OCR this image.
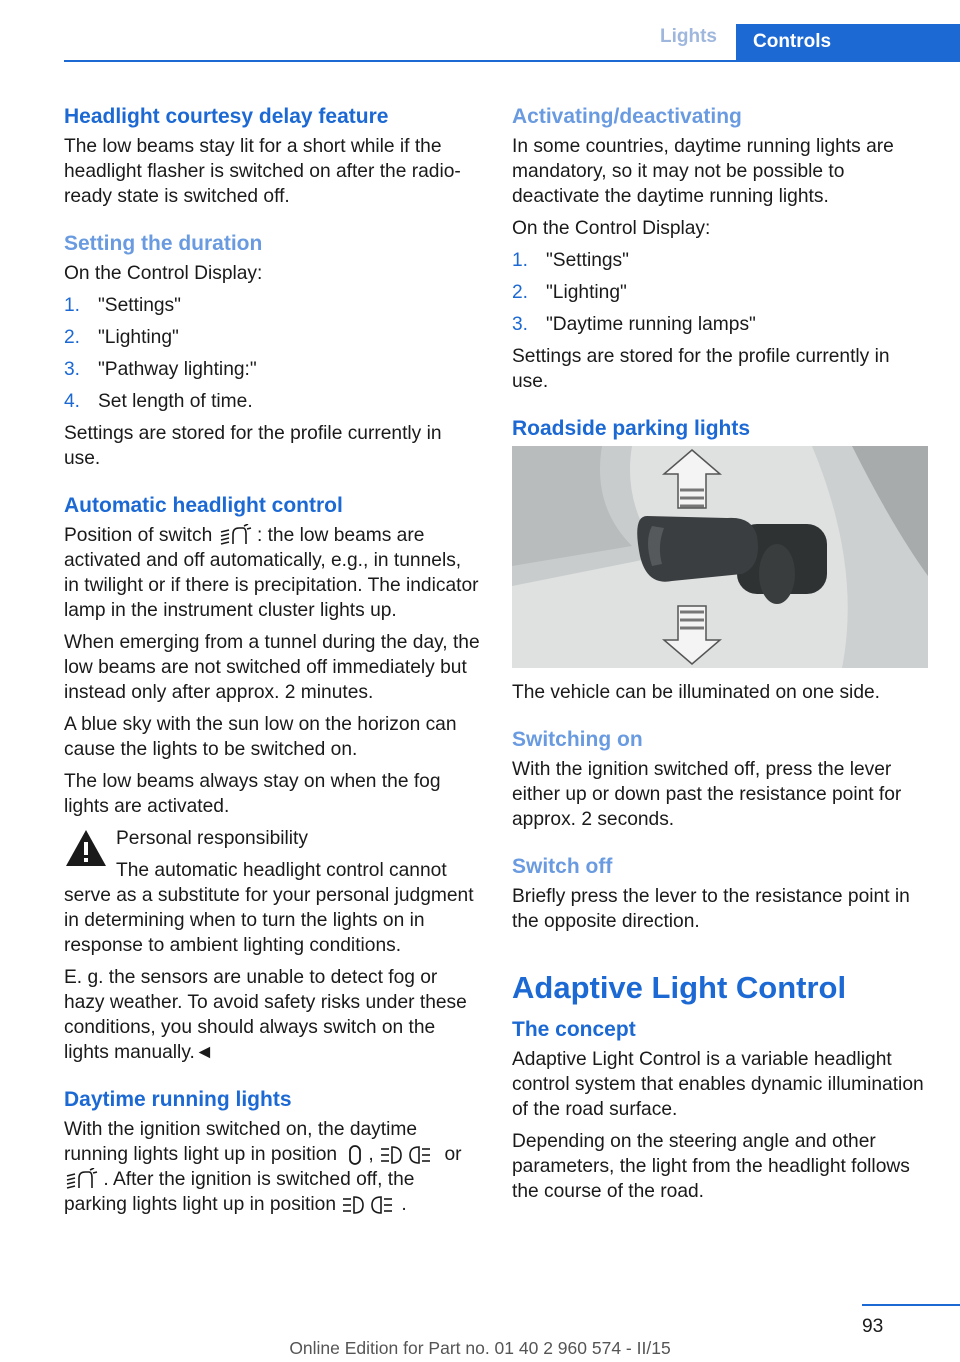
Lights	Controls
Headlight courtesy delay feature

The low beams stay lit for a short while if the headlight flasher is switched on after the radio-ready state is switched off.

Setting the duration

On the Control Display:

1. "Settings"
2. "Lighting"
3. "Pathway lighting:"
4. Set length of time.

Settings are stored for the profile currently in use.

Automatic headlight control

Position of switch : the low beams are activated and off automatically, e.g., in tunnels, in twilight or if there is precipitation. The indicator lamp in the instrument cluster lights up.

When emerging from a tunnel during the day, the low beams are not switched off immediately but instead only after approx. 2 minutes.

A blue sky with the sun low on the horizon can cause the lights to be switched on.

The low beams always stay on when the fog lights are activated.

Personal responsibility

The automatic headlight control cannot serve as a substitute for your personal judgment in determining when to turn the lights on in response to ambient lighting conditions.

E. g. the sensors are unable to detect fog or hazy weather. To avoid safety risks under these conditions, you should always switch on the lights manually.◄

Daytime running lights

With the ignition switched on, the daytime running lights light up in position ,	or  . After the ignition is switched off, the parking lights light up in position	.

Activating/deactivating

In some countries, daytime running lights are mandatory, so it may not be possible to deactivate the daytime running lights.

On the Control Display:

1. "Settings"
2. "Lighting"
3. "Daytime running lamps"

Settings are stored for the profile currently in use.

Roadside parking lights

The vehicle can be illuminated on one side.

Switching on

With the ignition switched off, press the lever either up or down past the resistance point for approx. 2 seconds.

Switch off

Briefly press the lever to the resistance point in the opposite direction.

Adaptive Light Control
The concept

Adaptive Light Control is a variable headlight control system that enables dynamic illumination of the road surface.

Depending on the steering angle and other parameters, the light from the headlight follows the course of the road.

93
Online Edition for Part no. 01 40 2 960 574 - II/15
